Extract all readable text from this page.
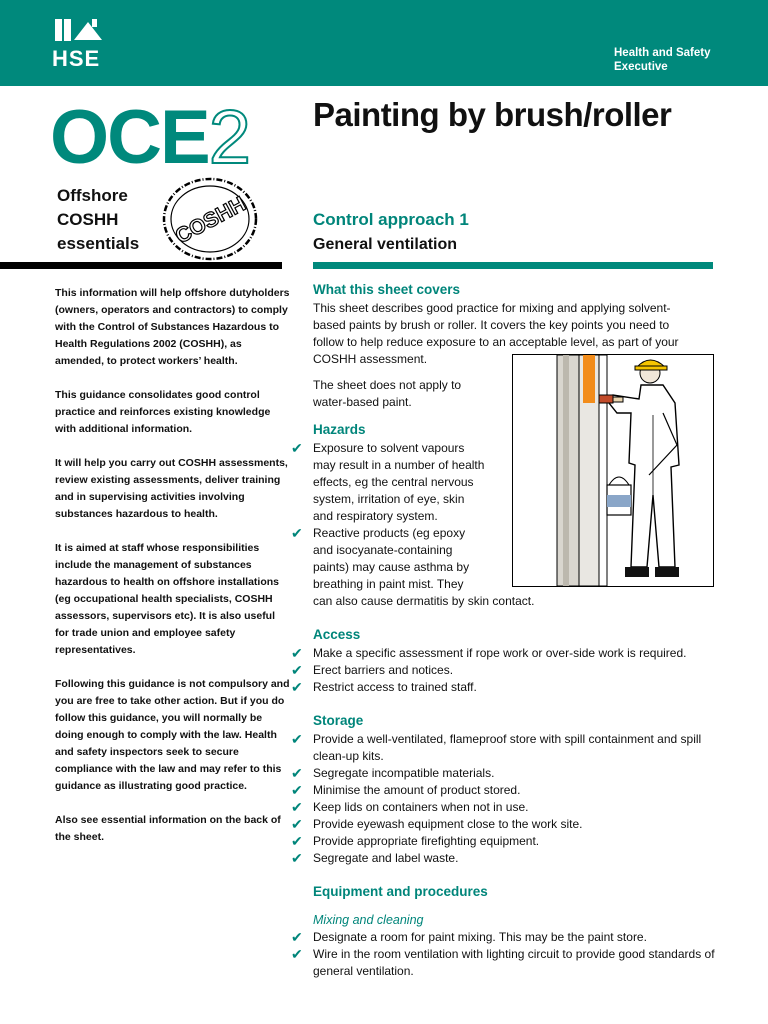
HSE	Health and Safety Executive
OCE2
Offshore
COSHH
essentials COSHH
Painting by brush/roller
Control approach 1
General ventilation

This information will help offshore dutyholders (owners, operators and contractors) to comply with the Control of Substances Hazardous to Health Regulations 2002 (COSHH), as amended, to protect workers’ health.

This guidance consolidates good control practice and reinforces existing knowledge with additional information.

It will help you carry out COSHH assessments, review existing assessments, deliver training and in supervising activities involving substances hazardous to health.

It is aimed at staff whose responsibilities include the management of substances hazardous to health on offshore installations (eg occupational health specialists, COSHH assessors, supervisors etc). It is also useful for trade union and employee safety representatives.

Following this guidance is not compulsory and you are free to take other action. But if you do follow this guidance, you will normally be doing enough to comply with the law. Health and safety inspectors seek to secure compliance with the law and may refer to this guidance as illustrating good practice.

Also see essential information on the back of the sheet.

What this sheet covers

This sheet describes good practice for mixing and applying solvent-

based paints by brush or roller. It covers the key points you need to

follow to help reduce exposure to an acceptable level, as part of your

COSHH assessment.

The sheet does not apply to

water-based paint.

Hazards

✔ Exposure to solvent vapours

may result in a number of health

effects, eg the central nervous

system, irritation of eye, skin

and respiratory system.

✔ Reactive products (eg epoxy

and isocyanate-containing

paints) may cause asthma by

breathing in paint mist. They

can also cause dermatitis by skin contact.

Access
✔ Make a specific assessment if rope work or over-side work is required.
✔ Erect barriers and notices.
✔ Restrict access to trained staff.
Storage
✔ Provide a well-ventilated, flameproof store with spill containment and spill clean-up kits.
✔ Segregate incompatible materials.
✔ Minimise the amount of product stored.
✔ Keep lids on containers when not in use.
✔ Provide eyewash equipment close to the work site.
✔ Provide appropriate firefighting equipment.
✔ Segregate and label waste.
Equipment and procedures
Mixing and cleaning
✔ Designate a room for paint mixing. This may be the paint store.
✔ Wire in the room ventilation with lighting circuit to provide good standards of general ventilation.
